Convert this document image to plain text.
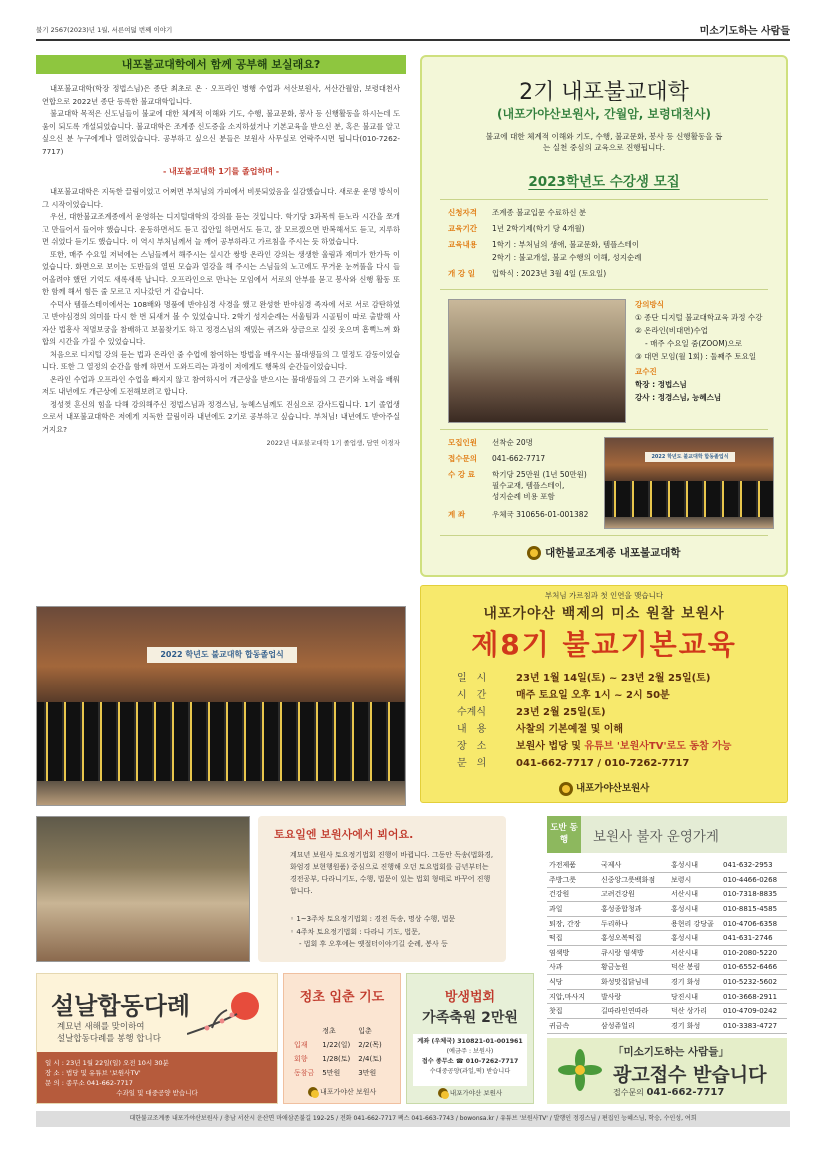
불기 2567(2023)년 1월, 서른여덟 번째 이야기	미소기도하는 사람들
내포불교대학에서 함께 공부해 보실래요?

내포불교대학(학장 정법스님)은 종단 최초로 온 · 오프라인 병행 수업과 서산보원사, 서산간월암, 보령대천사 연합으로 2022년 종단 등록한 불교대학입니다.

불교대학 목적은 신도님들이 불교에 대한 체계적 이해와 기도, 수행, 불교문화, 봉사 등 신행활동을 하시는데 도움이 되도록 개설되었습니다. 불교대학은 조계종 신도증을 소지하셨거나 기본교육을 받으신 분, 혹은 불교를 알고 싶으신 분 누구에게나 열려있습니다. 공부하고 싶으신 분들은 보원사 사무실로 연락주시면 됩니다(010-7262-7717)

- 내포불교대학 1기를 졸업하며 -

내포불교대학은 지독한 끌림이었고 어쩌면 부처님의 가피에서 비롯되었음을 실감했습니다. 새로운 운명 방식이 그 시작이었습니다.

우선, 대한불교조계종에서 운영하는 디지털대학의 강의를 듣는 것입니다. 학기당 3과목씩 듣노라 시간을 쪼개고 만들어서 들어야 했습니다. 운동하면서도 듣고 집안일 하면서도 듣고, 잘 모르겠으면 반복해서도 듣고, 지루하면 쉬었다 듣기도 했습니다. 이 역시 부처님께서 늘 깨어 공부하라고 가르침을 주시는 듯 하였습니다.

또한, 매주 수요일 저녁에는 스님들께서 해주시는 실시간 쌍방 온라인 강의는 생생한 울림과 재미가 한가득 이었습니다. 화면으로 보이는 도반들의 열띤 모습과 열강을 해 주시는 스님들의 노고에도 무거운 눈꺼풀을 다시 들어올려야 했던 기억도 새록새록 납니다. 오프라인으로 만나는 모임에서 서로의 안부를 묻고 봉사와 신행 활동 또한 함께 해서 힘든 줄 모르고 지나갔던 거 같습니다.

수덕사 템플스테이에서는 108배와 명품에 반야심경 사경을 했고 완성한 반야심경 족자에 서로 서로 감탄하였고 반야심경의 의미를 다시 한 번 되새겨 볼 수 있었습니다. 2학기 성지순례는 서울팀과 시골팀이 따로 출발해 사자산 법흥사 적멸보궁을 참배하고 보물찾기도 하고 정경스님의 재밌는 퀴즈와 상금으로 실컷 웃으며 흠뻑느껴 화합의 시간을 가질 수 있었습니다.

처음으로 디지털 강의 듣는 법과 온라인 줌 수업에 참여하는 방법을 배우시는 불대생들의 그 열정도 감동이었습니다. 또한 그 열정의 순간을 함께 하면서 도와드리는 과정이 저에게도 행복의 순간들이었습니다.

온라인 수업과 오프라인 수업을 빠지지 않고 참여하시어 개근상을 받으시는 불대생들의 그 끈기와 노력을 배워 저도 내년에도 개근상에 도전해보려고 합니다.

정성껏 흔신의 힘을 다해 강의해주신 정법스님과 정경스님, 능혜스님께도 진심으로 감사드립니다. 1기 졸업생으로서 내포불교대학은 저에게 지독한 끌림이라 내년에도 2기로 공부하고 싶습니다. 부처님! 내년에도 받아주실거지요?

2022년 내포불교대학 1기 졸업생, 담연 이경자
2022 학년도 불교대학 합동졸업식
2기 내포불교대학
(내포가야산보원사, 간월암, 보령대천사)
불교에 대한 체계적 이해와 기도, 수행, 불교문화, 봉사 등 신행활동을 돕는 실천 중심의 교육으로 진행됩니다.
2023학년도 수강생 모집
신청자격	조계종 불교입문 수료하신 분
교육기간	1년 2학기제(학기 당 4개월)
교육내용	1학기 : 부처님의 생애, 불교문화, 템플스테이
2학기 : 불교개설, 불교 수행의 이해, 성지순례
개 강 일	입학식 : 2023년 3월 4일 (토요일)
강의방식
① 종단 디지털 불교대학교육 과정 수강
② 온라인(비대면)수업
- 매주 수요일 줌(ZOOM)으로
③ 대면 모임(월 1회) : 둘째주 토요일
교수진
학장 : 정법스님
강사 : 정경스님, 능혜스님
모집인원	선착순 20명
접수문의	041-662-7717
수 강 료	학기당 25만원 (1년 50만원)
필수교재, 템플스테이,
성지순례 비용 포함
계 좌	우체국 310656-01-001382
2022 학년도 불교대학 합동졸업식
대한불교조계종 내포불교대학
부처님 가르침과 첫 인연을 맺습니다
내포가야산 백제의 미소 원찰 보원사
제8기 불교기본교육
일시	23년 1월 14일(토) ~ 23년 2월 25일(토)
시간	매주 토요일 오후 1시 ~ 2시 50분
수계식	23년 2월 25일(토)
내용	사찰의 기본예절 및 이해
장소	보원사 법당 및 유튜브 '보원사TV'로도 동참 가능
문의	041-662-7717 / 010-7262-7717
내포가야산보원사
토요일엔 보원사에서 뵈어요.
계묘년 보원사 토요정기법회 진행이 바뀝니다. 그동안 독송(법화경, 화엄경 보현행원품) 중심으로 진행해 오던 토요법회를 금년부터는 경전공부, 다라니기도, 수행, 법문이 있는 법회 형태로 바꾸어 진행합니다.
◦ 1~3주차 토요정기법회 : 경전 독송, 명상 수행, 법문
◦ 4주차 토요정기법회 : 다라니 기도, 법문,
- 법회 후 오후에는 옛절터이야기길 순례, 봉사 등
설날합동다례
계묘년 새해를 맞이하여
설날합동다례를 봉행 합니다
일 시 : 23년 1월 22일(일) 오전 10시 30분
장 소 : 법당 및 유튜브 '보원사TV'
문 의 : 종무소 041-662-7717
수과일 및 대중공양 받습니다
정초 입춘 기도
	정초	입춘
입재	1/22(일)	2/2(목)
회향	1/28(토)	2/4(토)
동참금	5만원	3만원
내포가야산 보원사
방생법회
가족축원 2만원
계좌 (우체국) 310821-01-001961
(예금주 : 보원사)
접수 종무소 ☎ 010-7262-7717
수대중공양(과일,떡) 받습니다
내포가야산 보원사
도반 동행	보원사 불자 운영가게
가전제품	국제사	홍성시내	041-632-2953
주방그릇	신중앙그릇백화점	보령시	010-4466-0268
건강원	고려건강원	서산시내	010-7318-8835
과일	홍성종합청과	홍성시내	010-8815-4585
퇴장, 간장	두리하나	용현리 강당골	010-4706-6358
떡집	홍성오복떡집	홍성시내	041-631-2746
염색방	큐시랑 염색방	서산시내	010-2080-5220
사과	황금농원	덕산 봉림	010-6552-6466
식당	화성맛집닭님네	경기 화성	010-5232-5602
지압,마사지	발사랑	당진시내	010-3668-2911
찻집	길따라인연따라	덕산 상가리	010-4709-0242
귀금속	삼성쥬얼리	경기 화성	010-3383-4727
「미소기도하는 사람들」
광고접수 받습니다
접수문의 041-662-7717
대한불교조계종 내포가야산보원사 / 충남 서산시 운산면 마애삼존불길 192-25 / 전화 041-662-7717 팩스 041-663-7743 / bowonsa.kr / 유튜브 '보원사TV' / 발행인 정경스님 / 편집인 능혜스님, 학승, 수인성, 여희
